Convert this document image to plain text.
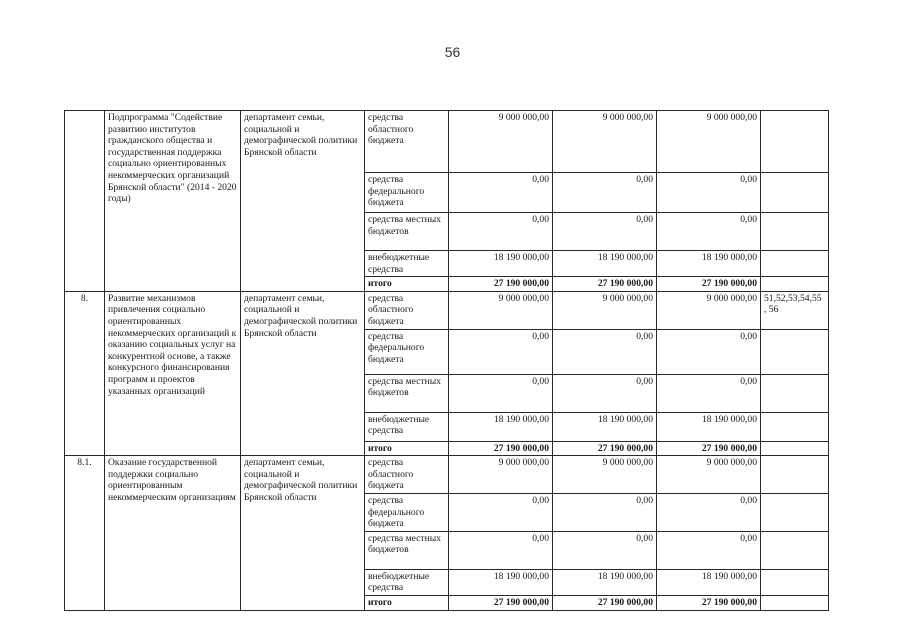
56
	Подпрограмма "Содействие развитию институтов гражданского общества и государственная поддержка социально ориентированных некоммерческих организаций Брянской области" (2014 - 2020 годы)	департамент семьи, социальной и демографической политики Брянской области	средства областного бюджета	9 000 000,00	9 000 000,00	9 000 000,00	
			средства федерального бюджета	0,00	0,00	0,00	
			средства местных бюджетов	0,00	0,00	0,00	
			внебюджетные средства	18 190 000,00	18 190 000,00	18 190 000,00	
			итого	27 190 000,00	27 190 000,00	27 190 000,00	
8.	Развитие механизмов привлечения социально ориентированных некоммерческих организаций к оказанию социальных услуг на конкурентной основе, а также конкурсного финансирования программ и проектов указанных организаций	департамент семьи, социальной и демографической политики Брянской области	средства областного бюджета	9 000 000,00	9 000 000,00	9 000 000,00	51,52,53,54,55 , 56
			средства федерального бюджета	0,00	0,00	0,00	
			средства местных бюджетов	0,00	0,00	0,00	
			внебюджетные средства	18 190 000,00	18 190 000,00	18 190 000,00	
			итого	27 190 000,00	27 190 000,00	27 190 000,00	
8.1.	Оказание государственной поддержки социально ориентированным некоммерческим организациям	департамент семьи, социальной и демографической политики Брянской области	средства областного бюджета	9 000 000,00	9 000 000,00	9 000 000,00	
			средства федерального бюджета	0,00	0,00	0,00	
			средства местных бюджетов	0,00	0,00	0,00	
			внебюджетные средства	18 190 000,00	18 190 000,00	18 190 000,00	
			итого	27 190 000,00	27 190 000,00	27 190 000,00	
